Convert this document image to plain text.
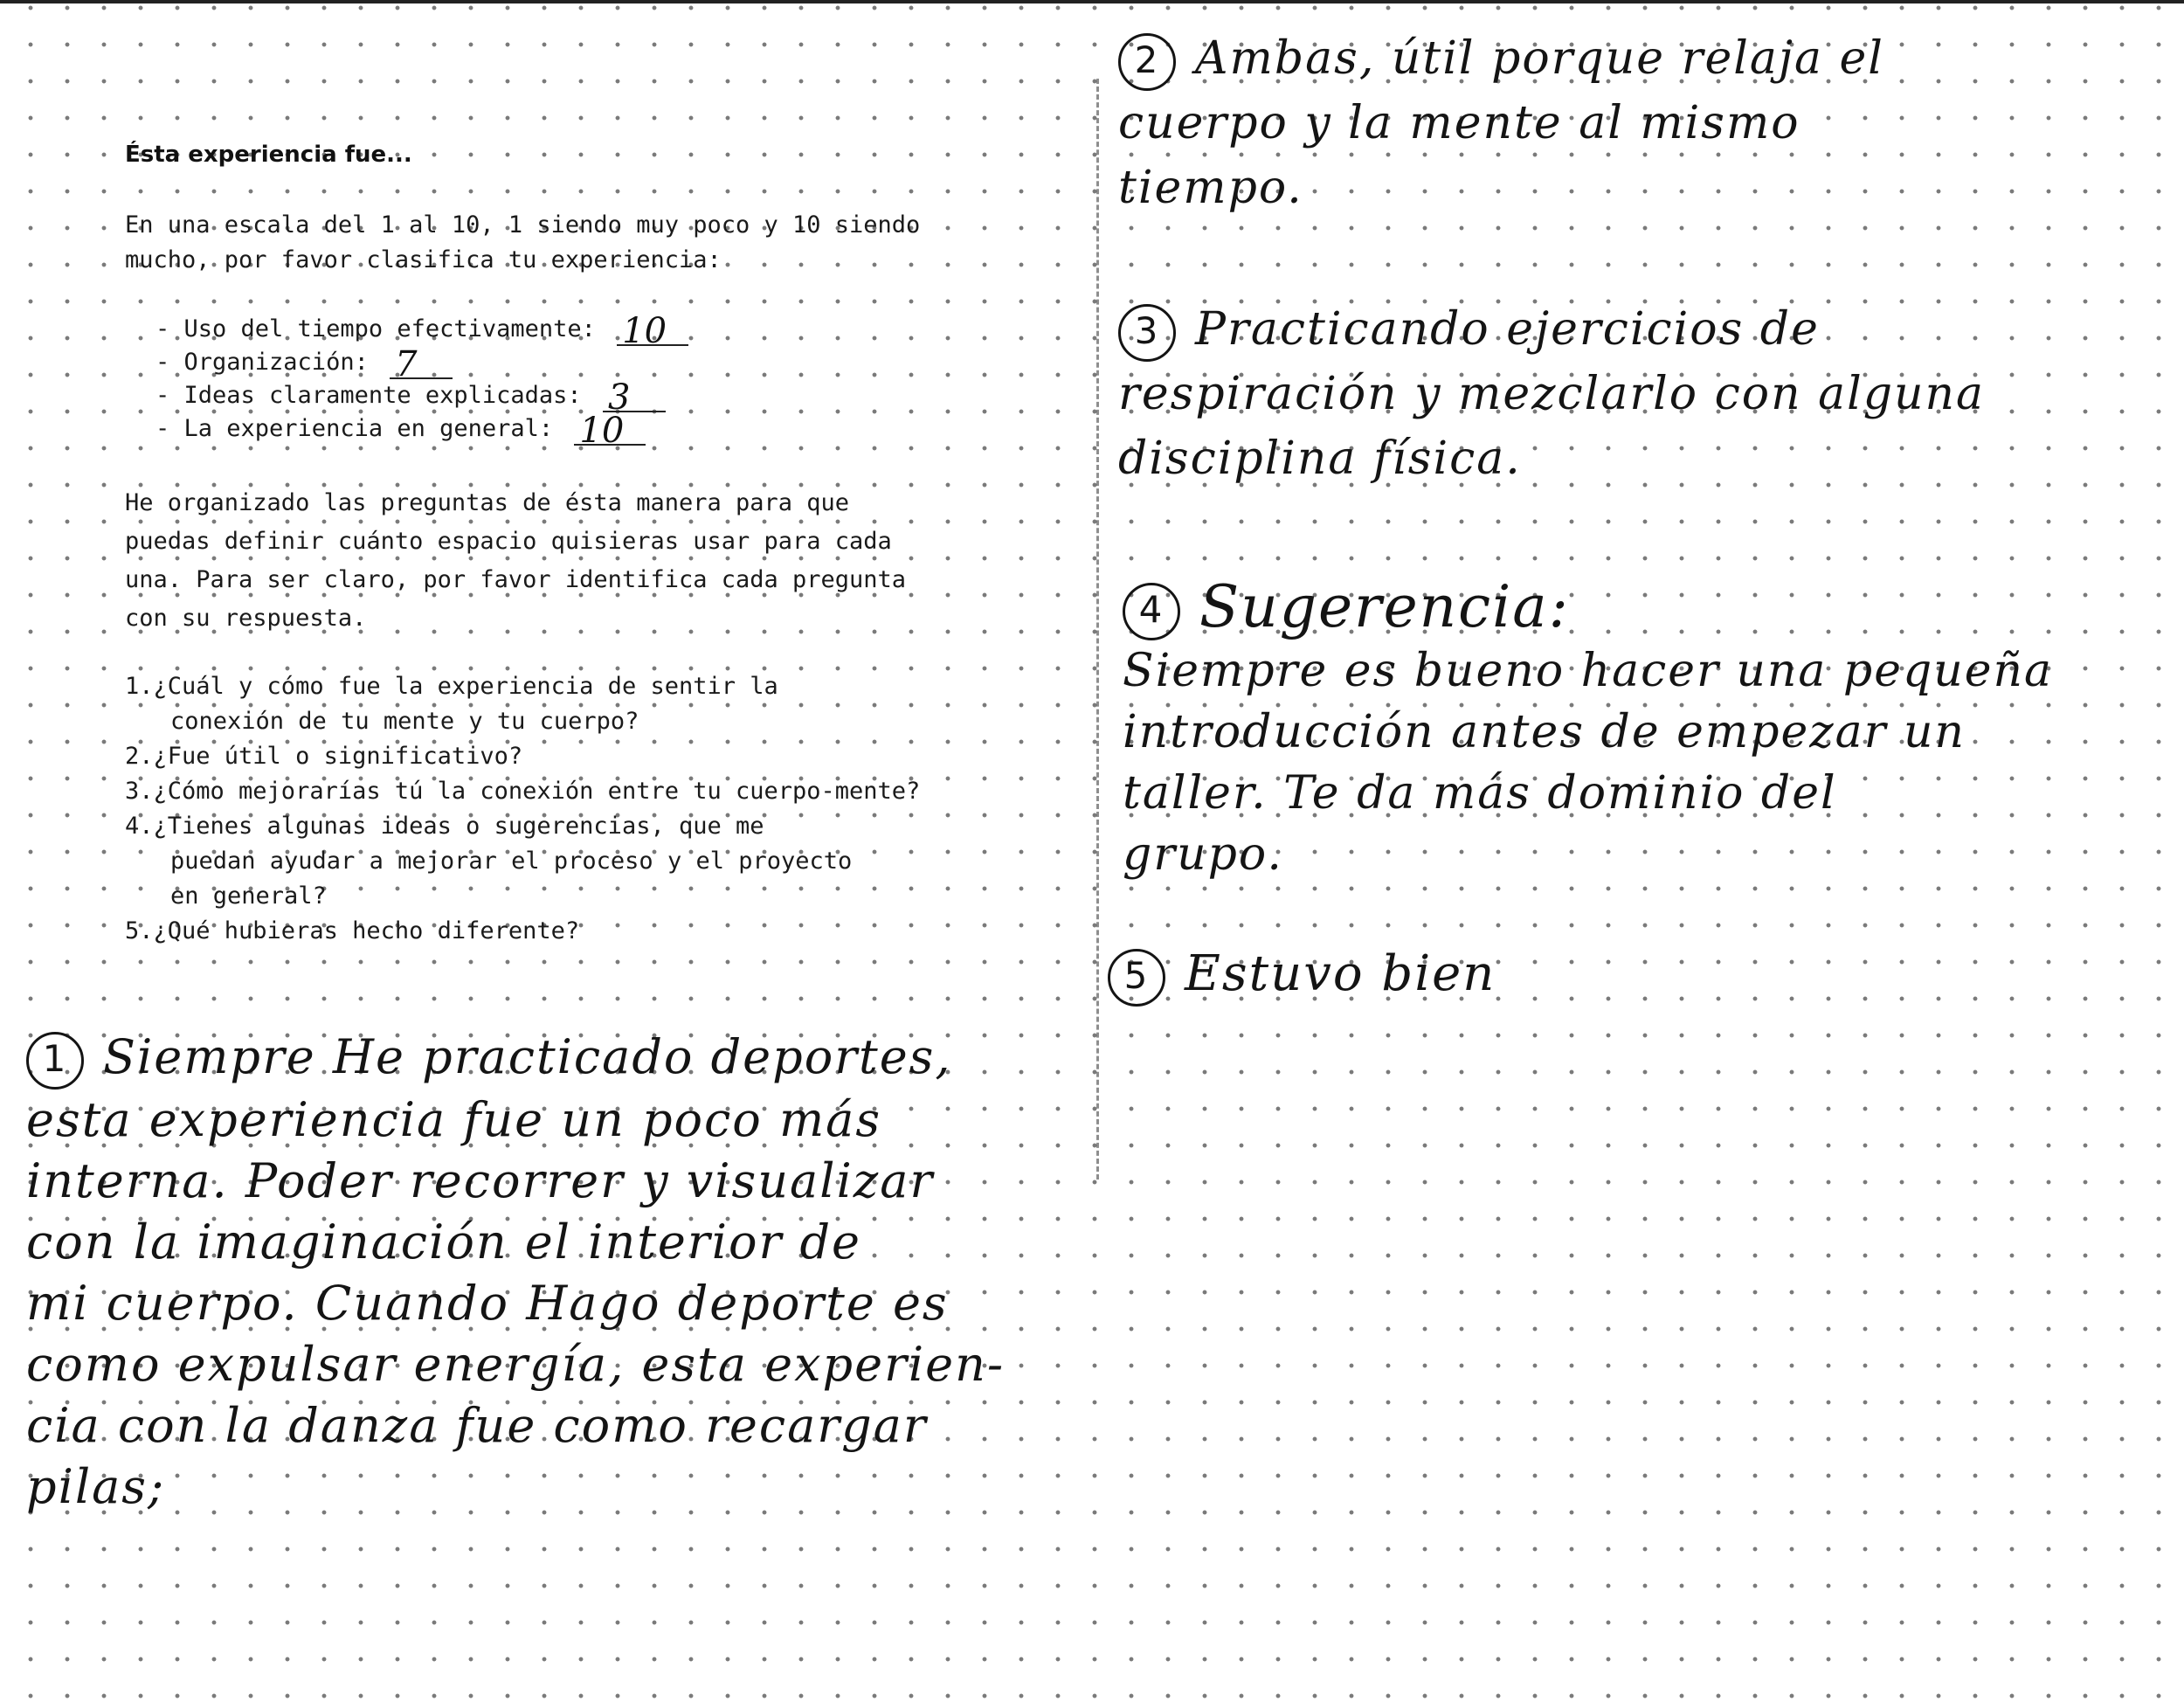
Ésta experiencia fue...
En una escala del 1 al 10, 1 siendo muy poco y 10 siendo
mucho, por favor clasifica tu experiencia:
- Uso del tiempo efectivamente: 10
- Organización: 7
- Ideas claramente explicadas: 3
- La experiencia en general: 10
He organizado las preguntas de ésta manera para que
puedas definir cuánto espacio quisieras usar para cada
una. Para ser claro, por favor identifica cada pregunta
con su respuesta.
1.¿Cuál y cómo fue la experiencia de sentir la
conexión de tu mente y tu cuerpo?
2.¿Fue útil o significativo?
3.¿Cómo mejorarías tú la conexión entre tu cuerpo-mente?
4.¿Tienes algunas ideas o sugerencias, que me
puedan ayudar a mejorar el proceso y el proyecto
en general?
5.¿Qué hubieras hecho diferente?
1 Siempre He practicado deportes,
esta experiencia fue un poco más
interna. Poder recorrer y visualizar
con la imaginación el interior de
mi cuerpo. Cuando Hago deporte es
como expulsar energía, esta experien-
cia con la danza fue como recargar
pilas;
2 Ambas, útil porque relaja el
cuerpo y la mente al mismo
tiempo.
3 Practicando ejercicios de
respiración y mezclarlo con alguna
disciplina física.
4 Sugerencia:
Siempre es bueno hacer una pequeña
introducción antes de empezar un
taller. Te da más dominio del
grupo.
5 Estuvo bien
